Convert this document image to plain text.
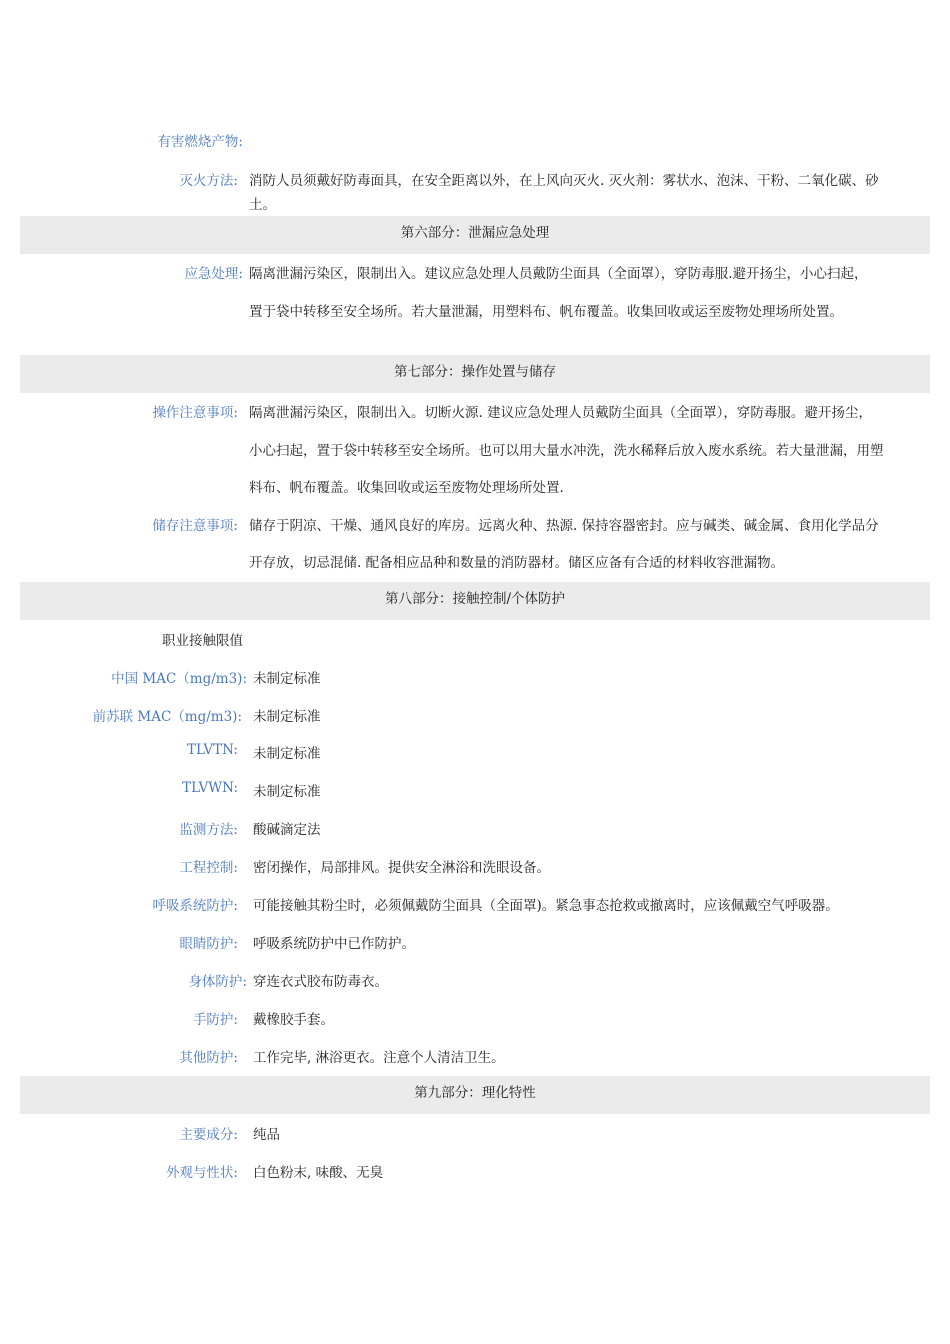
有害燃烧产物:
灭火方法: 消防人员须戴好防毒面具，在安全距离以外，在上风向灭火. 灭火剂：雾状水、泡沫、干粉、二氧化碳、砂
土。
第六部分：泄漏应急处理
应急处理: 隔离泄漏污染区，限制出入。建议应急处理人员戴防尘面具（全面罩），穿防毒服.避开扬尘，小心扫起，
置于袋中转移至安全场所。若大量泄漏，用塑料布、帆布覆盖。收集回收或运至废物处理场所处置。
第七部分：操作处置与储存
操作注意事项: 隔离泄漏污染区，限制出入。切断火源. 建议应急处理人员戴防尘面具（全面罩），穿防毒服。避开扬尘，
小心扫起，置于袋中转移至安全场所。也可以用大量水冲洗，洗水稀释后放入废水系统。若大量泄漏，用塑
料布、帆布覆盖。收集回收或运至废物处理场所处置.
储存注意事项: 储存于阴凉、干燥、通风良好的库房。远离火种、热源. 保持容器密封。应与碱类、碱金属、食用化学品分
开存放，切忌混储. 配备相应品种和数量的消防器材。储区应备有合适的材料收容泄漏物。
第八部分：接触控制/个体防护
职业接触限值
中国 MAC（mg/m3): 未制定标准
前苏联 MAC（mg/m3): 未制定标准
TLVTN: 未制定标准
TLVWN: 未制定标准
监测方法: 酸碱滴定法
工程控制: 密闭操作，局部排风。提供安全淋浴和洗眼设备。
呼吸系统防护: 可能接触其粉尘时，必须佩戴防尘面具（全面罩)。紧急事态抢救或撤离时，应该佩戴空气呼吸器。
眼睛防护: 呼吸系统防护中已作防护。
身体防护: 穿连衣式胶布防毒衣。
手防护: 戴橡胶手套。
其他防护: 工作完毕, 淋浴更衣。注意个人清洁卫生。
第九部分：理化特性
主要成分: 纯品
外观与性状: 白色粉末, 味酸、无臭
